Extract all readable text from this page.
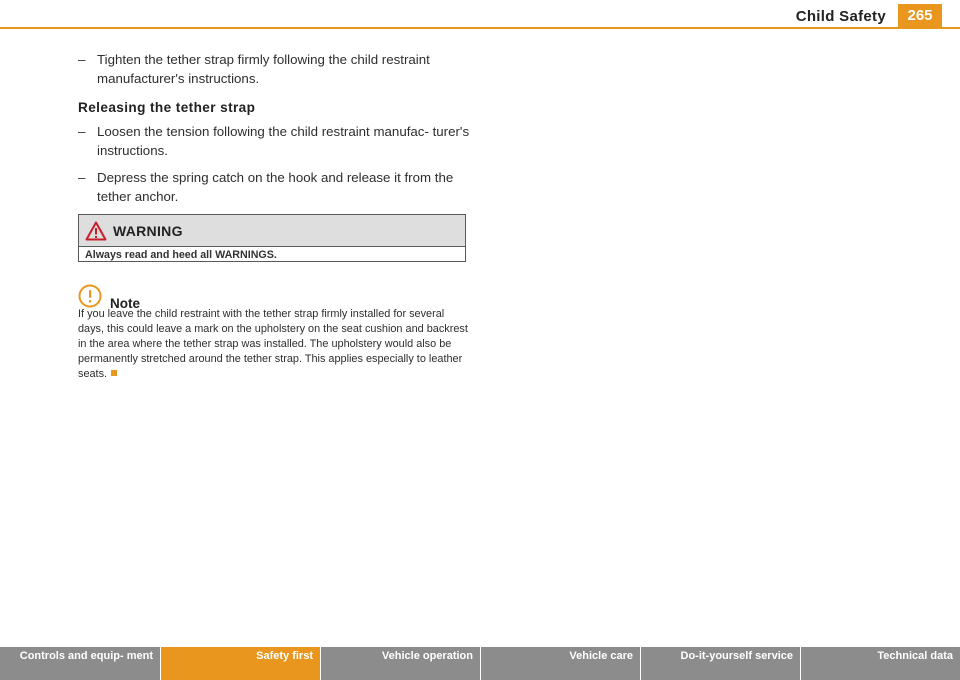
Child Safety	265
– Tighten the tether strap firmly following the child restraint manufacturer's instructions.
Releasing the tether strap
– Loosen the tension following the child restraint manufac- turer's instructions.
– Depress the spring catch on the hook and release it from the tether anchor.
WARNING
Always read and heed all WARNINGS.
Note
If you leave the child restraint with the tether strap firmly installed for several days, this could leave a mark on the upholstery on the seat cushion and backrest in the area where the tether strap was installed. The upholstery would also be permanently stretched around the tether strap. This applies especially to leather seats.
Controls and equip- ment	Safety first	Vehicle operation	Vehicle care	Do-it-yourself service	Technical data
